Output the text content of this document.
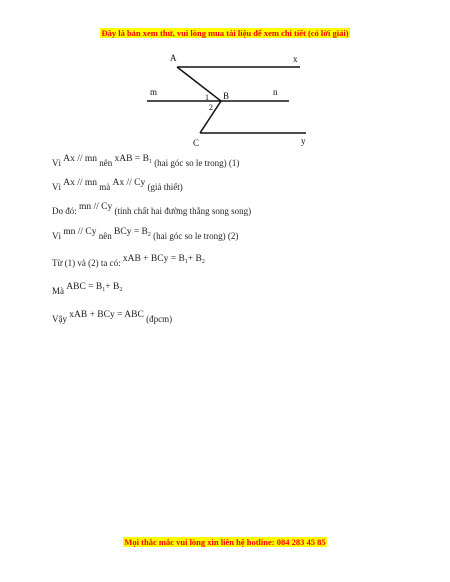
Đây là bản xem thử, vui lòng mua tài liệu để xem chi tiết (có lời giải)
A	x
m	n
B
C	y
1
2
Vì Ax // mn nên xAB = B1 (hai góc so le trong) (1)
Vì Ax // mn mà Ax // Cy (giả thiết)
Do đó: mn // Cy (tính chất hai đường thẳng song song)
Vì mn // Cy nên BCy = B2 (hai góc so le trong) (2)
Từ (1) và (2) ta có: xAB + BCy = B1+ B2
Mà ABC = B1+ B2
Vậy xAB + BCy = ABC (đpcm)
Mọi thắc mắc vui lòng xin liên hệ hotline: 084 283 45 85
